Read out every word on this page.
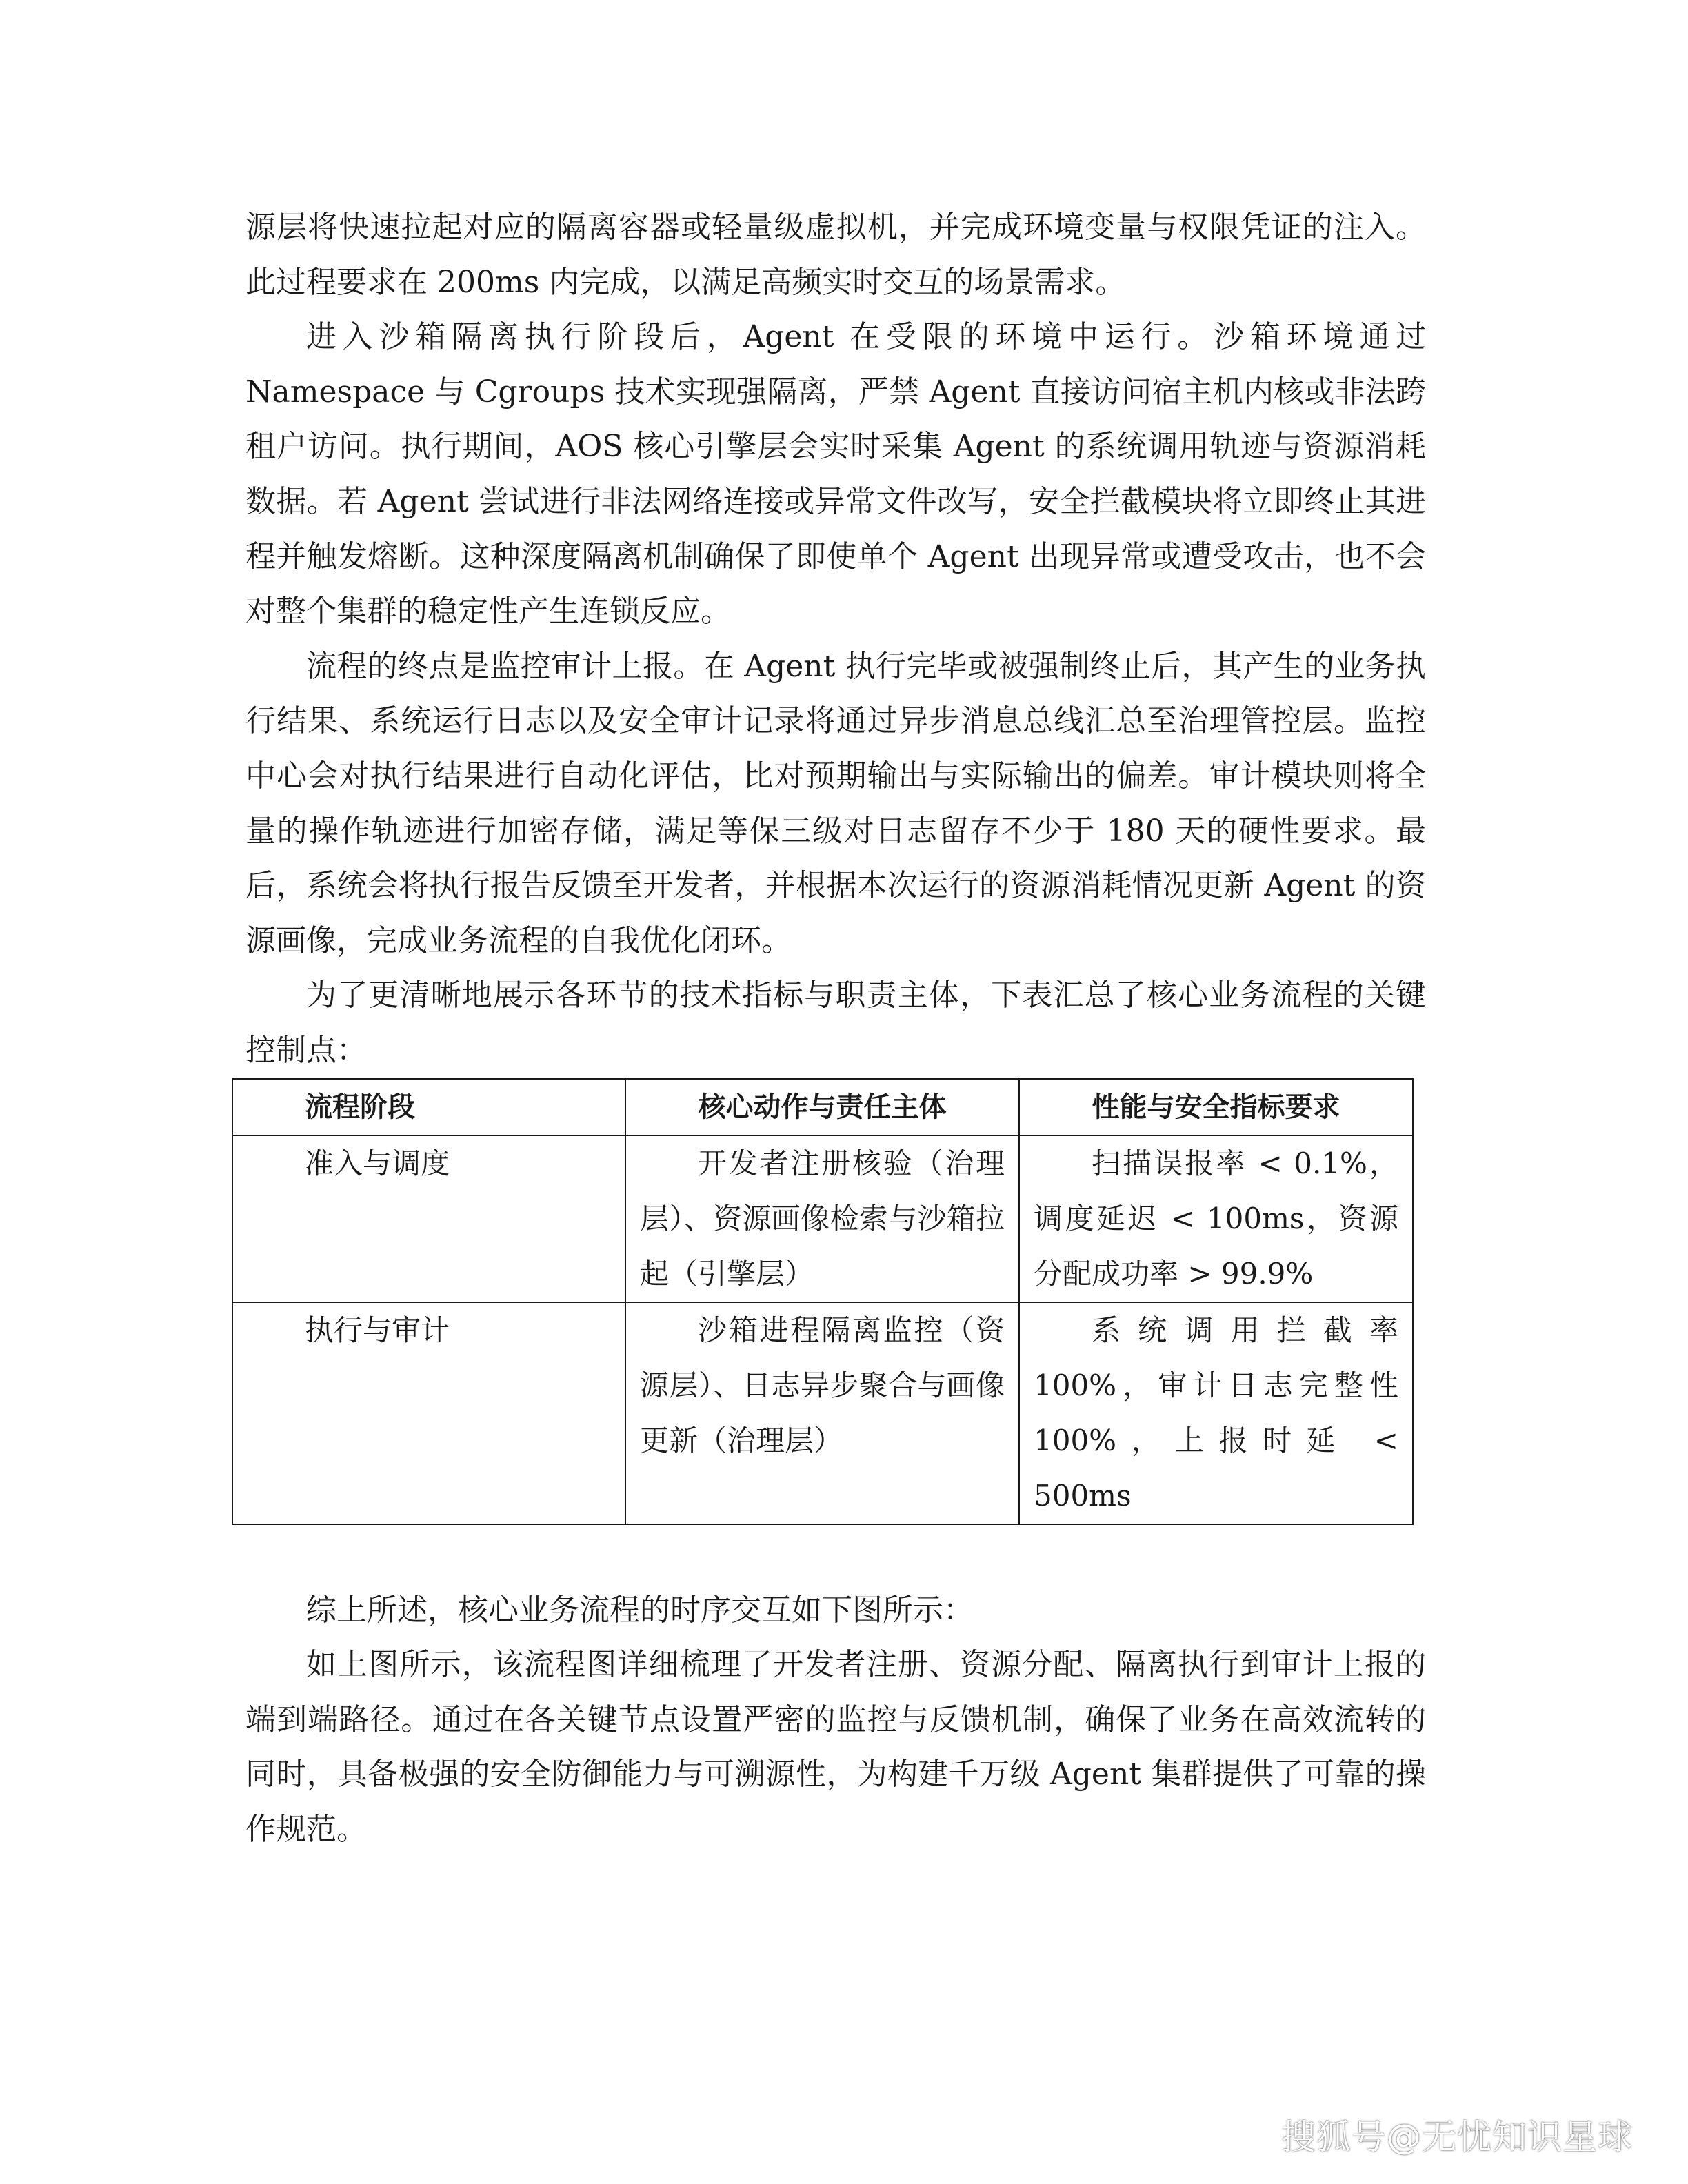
源层将快速拉起对应的隔离容器或轻量级虚拟机，并完成环境变量与权限凭证的注入。此过程要求在 200ms 内完成，以满足高频实时交互的场景需求。

进入沙箱隔离执行阶段后，Agent 在受限的环境中运行。沙箱环境通过 Namespace 与 Cgroups 技术实现强隔离，严禁 Agent 直接访问宿主机内核或非法跨租户访问。执行期间，AOS 核心引擎层会实时采集 Agent 的系统调用轨迹与资源消耗数据。若 Agent 尝试进行非法网络连接或异常文件改写，安全拦截模块将立即终止其进程并触发熔断。这种深度隔离机制确保了即使单个 Agent 出现异常或遭受攻击，也不会对整个集群的稳定性产生连锁反应。

流程的终点是监控审计上报。在 Agent 执行完毕或被强制终止后，其产生的业务执行结果、系统运行日志以及安全审计记录将通过异步消息总线汇总至治理管控层。监控中心会对执行结果进行自动化评估，比对预期输出与实际输出的偏差。审计模块则将全量的操作轨迹进行加密存储，满足等保三级对日志留存不少于 180 天的硬性要求。最后，系统会将执行报告反馈至开发者，并根据本次运行的资源消耗情况更新 Agent 的资源画像，完成业务流程的自我优化闭环。

为了更清晰地展示各环节的技术指标与职责主体，下表汇总了核心业务流程的关键控制点：

流程阶段	核心动作与责任主体	性能与安全指标要求
准入与调度	开发者注册核验（治理层）、资源画像检索与沙箱拉起（引擎层）	扫描误报率 < 0.1%，调度延迟 < 100ms，资源分配成功率 > 99.9%
执行与审计	沙箱进程隔离监控（资源层）、日志异步聚合与画像更新（治理层）	系统调用拦截率 100%，审计日志完整性 100%，上报时延 < 500ms

综上所述，核心业务流程的时序交互如下图所示：

如上图所示，该流程图详细梳理了开发者注册、资源分配、隔离执行到审计上报的端到端路径。通过在各关键节点设置严密的监控与反馈机制，确保了业务在高效流转的同时，具备极强的安全防御能力与可溯源性，为构建千万级 Agent 集群提供了可靠的操作规范。

搜狐号@无忧知识星球
